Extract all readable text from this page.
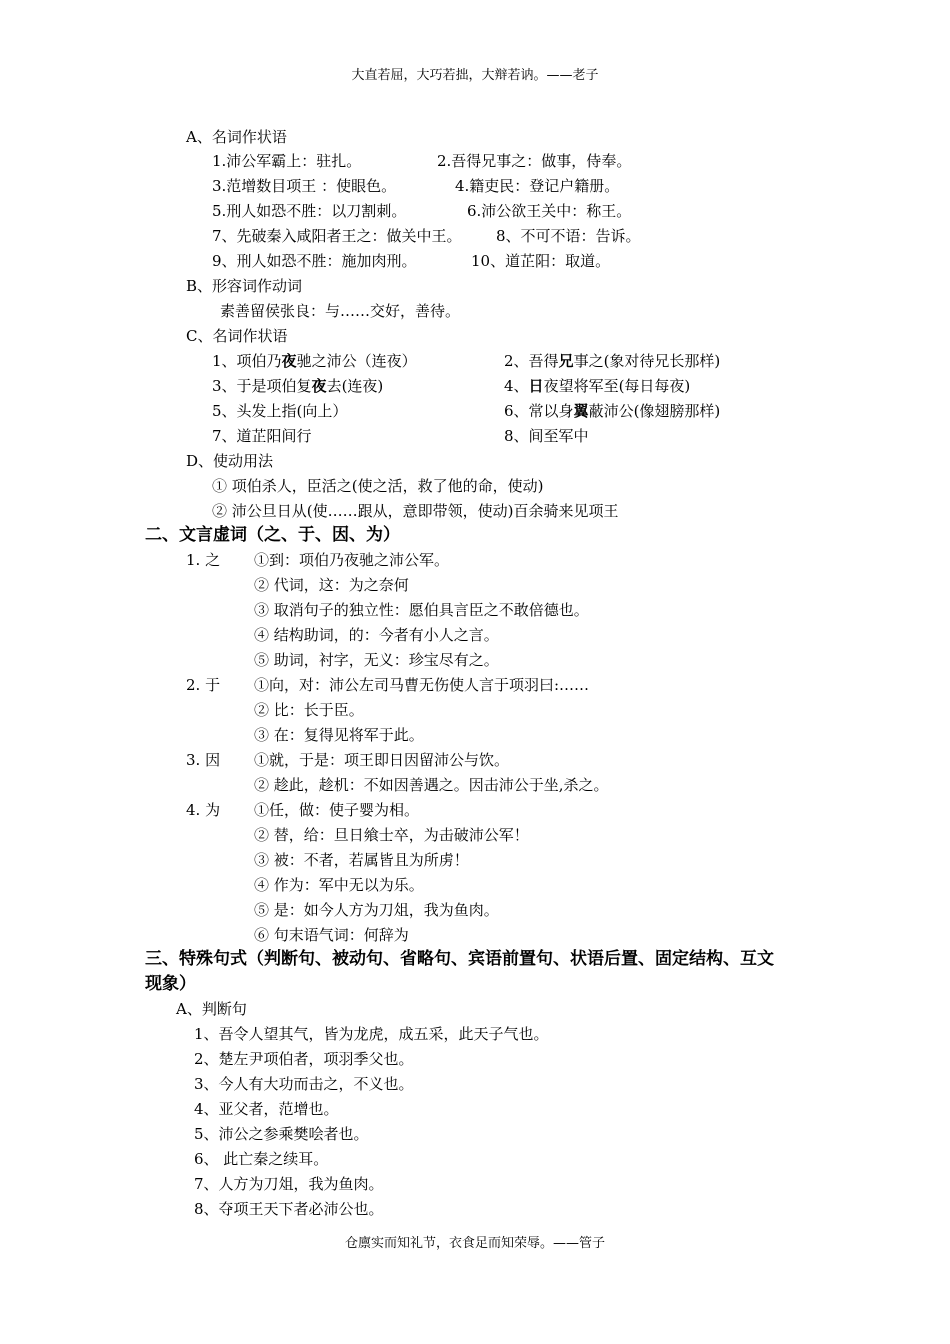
大直若屈，大巧若拙，大辩若讷。——老子
A、名词作状语
1.沛公军霸上：驻扎。	2.吾得兄事之：做事，侍奉。
3.范增数目项王 ：使眼色。	4.籍吏民：登记户籍册。
5.刑人如恐不胜：以刀割刺。	6.沛公欲王关中：称王。
7、先破秦入咸阳者王之：做关中王。 8、不可不语：告诉。
9、刑人如恐不胜：施加肉刑。	10、道芷阳：取道。
B、形容词作动词
素善留侯张良：与……交好，善待。
C、名词作状语
1、项伯乃夜驰之沛公（连夜）	2、吾得兄事之(象对待兄长那样)
3、于是项伯复夜去(连夜)	4、日夜望将军至(每日每夜)
5、头发上指(向上）	6、常以身翼蔽沛公(像翅膀那样)
7、道芷阳间行	8、间至军中
D、使动用法
① 项伯杀人，臣活之(使之活，救了他的命，使动)
② 沛公旦日从(使……跟从，意即带领，使动)百余骑来见项王
二、文言虚词（之、于、因、为）
1. 之 ①到：项伯乃夜驰之沛公军。
② 代词，这：为之奈何
③ 取消句子的独立性：愿伯具言臣之不敢倍德也。
④ 结构助词，的：今者有小人之言。
⑤ 助词，衬字，无义：珍宝尽有之。
2. 于 ①向，对：沛公左司马曹无伤使人言于项羽曰:……
② 比：长于臣。
③ 在：复得见将军于此。
3. 因 ①就，于是：项王即日因留沛公与饮。
② 趁此，趁机：不如因善遇之。因击沛公于坐,杀之。
4. 为 ①任，做：使子婴为相。
② 替，给：旦日飨士卒，为击破沛公军！
③ 被：不者，若属皆且为所虏！
④ 作为：军中无以为乐。
⑤ 是：如今人方为刀俎，我为鱼肉。
⑥ 句末语气词：何辞为
三、特殊句式（判断句、被动句、省略句、宾语前置句、状语后置、固定结构、互文
现象）
A、判断句
1、吾令人望其气，皆为龙虎，成五采，此天子气也。
2、楚左尹项伯者，项羽季父也。
3、今人有大功而击之，不义也。
4、亚父者，范增也。
5、沛公之参乘樊哙者也。
6、 此亡秦之续耳。
7、人方为刀俎，我为鱼肉。
8、夺项王天下者必沛公也。
仓廪实而知礼节，衣食足而知荣辱。——管子
